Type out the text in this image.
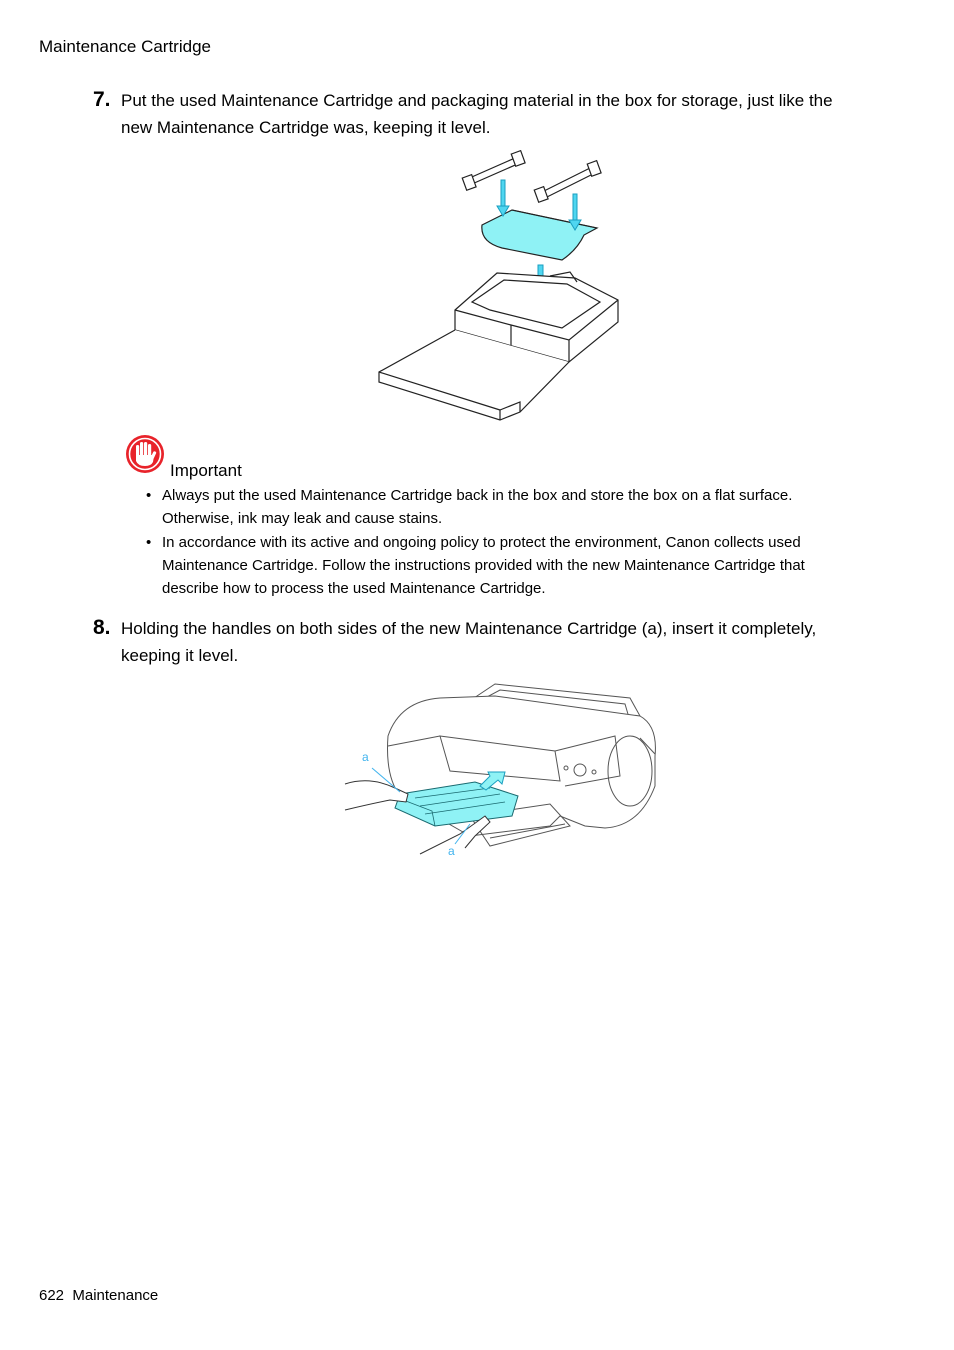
Maintenance Cartridge
7. Put the used Maintenance Cartridge and packaging material in the box for storage, just like the
new Maintenance Cartridge was, keeping it level.
Important
• Always put the used Maintenance Cartridge back in the box and store the box on a flat surface.
Otherwise, ink may leak and cause stains.
• In accordance with its active and ongoing policy to protect the environment, Canon collects used
Maintenance Cartridge. Follow the instructions provided with the new Maintenance Cartridge that
describe how to process the used Maintenance Cartridge.
8. Holding the handles on both sides of the new Maintenance Cartridge (a), insert it completely,
keeping it level.
a
a
622 Maintenance
